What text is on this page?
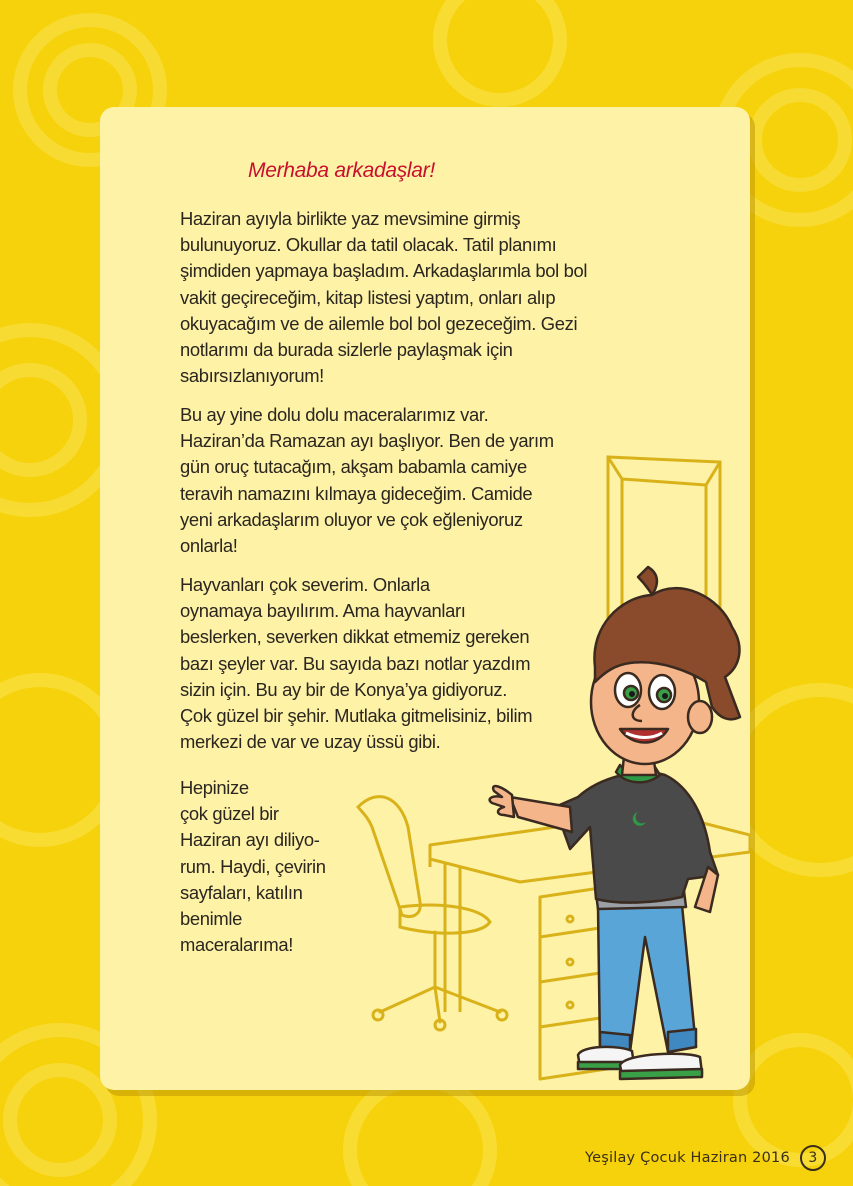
Merhaba arkadaşlar!

Haziran ayıyla birlikte yaz mevsimine girmiş
bulunuyoruz. Okullar da tatil olacak. Tatil planımı
şimdiden yapmaya başladım. Arkadaşlarımla bol bol
vakit geçireceğim, kitap listesi yaptım, onları alıp
okuyacağım ve de ailemle bol bol gezeceğim. Gezi
notlarımı da burada sizlerle paylaşmak için
sabırsızlanıyorum!

Bu ay yine dolu dolu maceralarımız var.
Haziran’da Ramazan ayı başlıyor. Ben de yarım
gün oruç tutacağım, akşam babamla camiye
teravih namazını kılmaya gideceğim. Camide
yeni arkadaşlarım oluyor ve çok eğleniyoruz
onlarla!

Hayvanları çok severim. Onlarla
oynamaya bayılırım. Ama hayvanları
beslerken, severken dikkat etmemiz gereken
bazı şeyler var. Bu sayıda bazı notlar yazdım
sizin için. Bu ay bir de Konya’ya gidiyoruz.
Çok güzel bir şehir. Mutlaka gitmelisiniz, bilim
merkezi de var ve uzay üssü gibi.

Hepinize
çok güzel bir
Haziran ayı diliyo-
rum. Haydi, çevirin
sayfaları, katılın
benimle
maceralarıma!

Yeşilay Çocuk Haziran 2016	3
